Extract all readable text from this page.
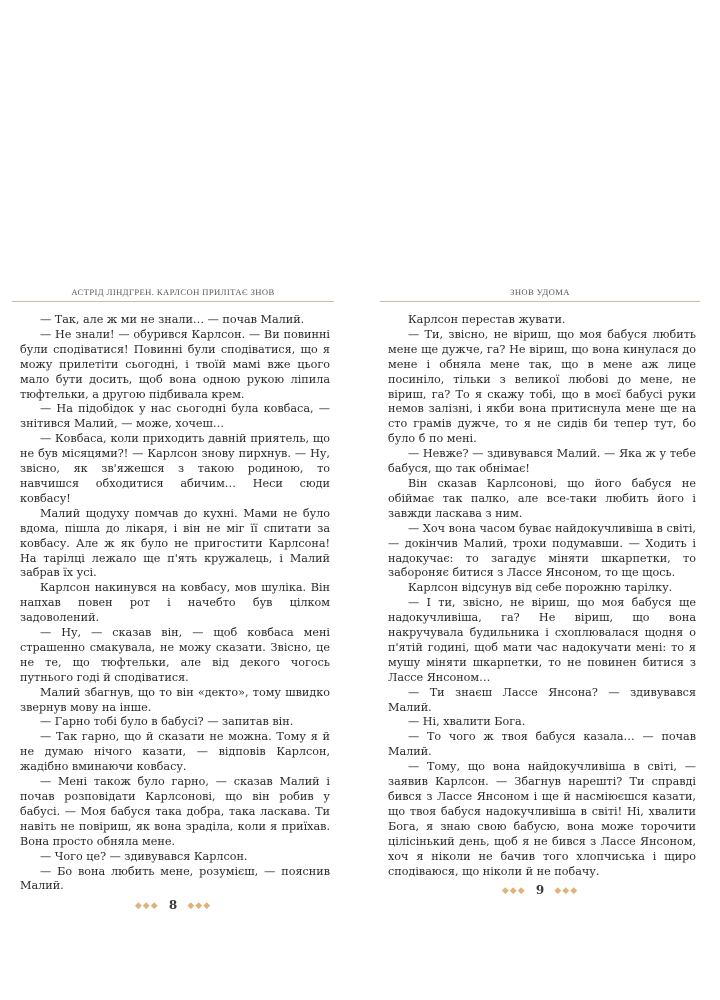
АСТРІД ЛІНДГРЕН. КАРЛСОН ПРИЛІТАЄ ЗНОВ

— Так, але ж ми не знали… — почав Малий.

— Не знали! — обурився Карлсон. — Ви повинні були сподіватися! Повинні були сподіватися, що я можу прилетіти сьогодні, і твоїй мамі вже цього мало бути досить, щоб вона одною рукою ліпила тюфтельки, а другою підбивала крем.

— На підобідок у нас сьогодні була ковбаса, — знітився Малий, — може, хочеш…

— Ковбаса, коли приходить давній приятель, що не був місяцями?! — Карлсон знову пирхнув. — Ну, звісно, як зв'яжешся з такою родиною, то навчишся обходитися абичим… Неси сюди ковбасу!

Малий щодуху помчав до кухні. Мами не було вдома, пішла до лікаря, і він не міг її спитати за ковбасу. Але ж як було не пригостити Карлсона! На тарілці лежало ще п'ять кружалець, і Малий забрав їх усі.

Карлсон накинувся на ковбасу, мов шуліка. Він напхав повен рот і начебто був цілком задоволений.

— Ну, — сказав він, — щоб ковбаса мені страшенно смакувала, не можу сказати. Звісно, це не те, що тюфтельки, але від декого чогось путнього годі й сподіватися.

Малий збагнув, що то він «декто», тому швидко звернув мову на інше.

— Гарно тобі було в бабусі? — запитав він.

— Так гарно, що й сказати не можна. Тому я й не думаю нічого казати, — відповів Карлсон, жадібно вминаючи ковбасу.

— Мені також було гарно, — сказав Малий і почав розповідати Карлсонові, що він робив у бабусі. — Моя бабуся така добра, така ласкава. Ти навіть не повіриш, як вона зраділа, коли я приїхав. Вона просто обняла мене.

— Чого це? — здивувався Карлсон.

— Бо вона любить мене, розумієш, — пояснив Малий.

◆◆◆ 8 ◆◆◆
ЗНОВ УДОМА

Карлсон перестав жувати.

— Ти, звісно, не віриш, що моя бабуся любить мене ще дужче, га? Не віриш, що вона кинулася до мене і обняла мене так, що в мене аж лице посиніло, тільки з великої любові до мене, не віриш, га? То я скажу тобі, що в моєї бабусі руки немов залізні, і якби вона притиснула мене ще на сто грамів дужче, то я не сидів би тепер тут, бо було б по мені.

— Невже? — здивувався Малий. — Яка ж у тебе бабуся, що так обнімає!

Він сказав Карлсонові, що його бабуся не обіймає так палко, але все-таки любить його і завжди ласкава з ним.

— Хоч вона часом буває найдокучливіша в світі, — докінчив Малий, трохи подумавши. — Ходить і надокучає: то загадує міняти шкарпетки, то забороняє битися з Лассе Янсоном, то ще щось.

Карлсон відсунув від себе порожню тарілку.

— І ти, звісно, не віриш, що моя бабуся ще надокучливіша, га? Не віриш, що вона накручувала будильника і схоплювалася щодня о п'ятій годині, щоб мати час надокучати мені: то я мушу міняти шкарпетки, то не повинен битися з Лассе Янсоном…

— Ти знаєш Лассе Янсона? — здивувався Малий.

— Ні, хвалити Бога.

— То чого ж твоя бабуся казала… — почав Малий.

— Тому, що вона найдокучливіша в світі, — заявив Карлсон. — Збагнув нарешті? Ти справді бився з Лассе Янсоном і ще й насміюєшся казати, що твоя бабуся надокучливіша в світі! Ні, хвалити Бога, я знаю свою бабусю, вона може торочити цілісінький день, щоб я не бився з Лассе Янсоном, хоч я ніколи не бачив того хлопчиська і щиро сподіваюся, що ніколи й не побачу.

◆◆◆ 9 ◆◆◆
